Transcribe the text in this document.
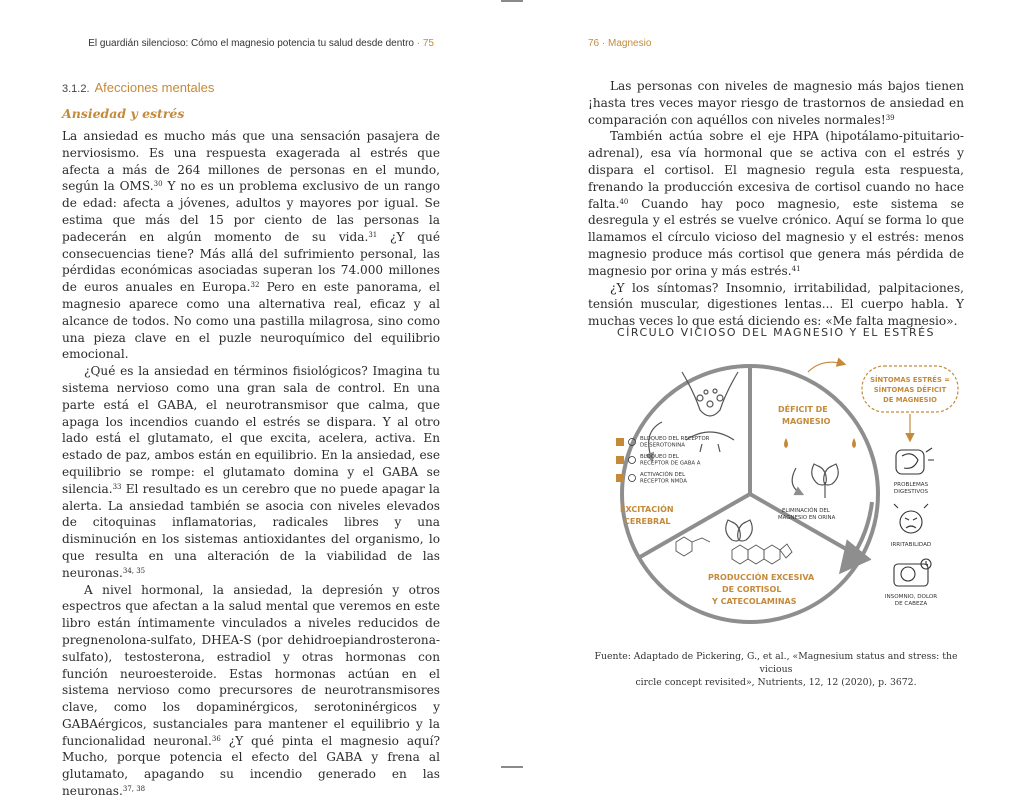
El guardián silencioso: Cómo el magnesio potencia tu salud desde dentro · 75
3.1.2. Afecciones mentales
Ansiedad y estrés

La ansiedad es mucho más que una sensación pasajera de nerviosismo. Es una respuesta exagerada al estrés que afecta a más de 264 millones de personas en el mundo, según la OMS.$^{30}$ Y no es un problema exclusivo de un rango de edad: afecta a jóvenes, adultos y mayores por igual. Se estima que más del 15 por ciento de las personas la padecerán en algún momento de su vida.$^{31}$ ¿Y qué consecuencias tiene? Más allá del sufrimiento personal, las pérdidas económicas asociadas superan los 74.000 millones de euros anuales en Europa.$^{32}$ Pero en este panorama, el magnesio aparece como una alternativa real, eficaz y al alcance de todos. No como una pastilla milagrosa, sino como una pieza clave en el puzle neuroquímico del equilibrio emocional.

¿Qué es la ansiedad en términos fisiológicos? Imagina tu sistema nervioso como una gran sala de control. En una parte está el GABA, el neurotransmisor que calma, que apaga los incendios cuando el estrés se dispara. Y al otro lado está el glutamato, el que excita, acelera, activa. En estado de paz, ambos están en equilibrio. En la ansiedad, ese equilibrio se rompe: el glutamato domina y el GABA se silencia.$^{33}$ El resultado es un cerebro que no puede apagar la alerta. La ansiedad también se asocia con niveles elevados de citoquinas inflamatorias, radicales libres y una disminución en los sistemas antioxidantes del organismo, lo que resulta en una alteración de la viabilidad de las neuronas.$^{34, 35}$

A nivel hormonal, la ansiedad, la depresión y otros espectros que afectan a la salud mental que veremos en este libro están íntimamente vinculados a niveles reducidos de pregnenolona-sulfato, DHEA-S (por dehidroepiandrosterona-sulfato), testosterona, estradiol y otras hormonas con función neuroesteroide. Estas hormonas actúan en el sistema nervioso como precursores de neurotransmisores clave, como los dopaminérgicos, serotoninérgicos y GABAérgicos, sustanciales para mantener el equilibrio y la funcionalidad neuronal.$^{36}$ ¿Y qué pinta el magnesio aquí? Mucho, porque potencia el efecto del GABA y frena al glutamato, apagando su incendio generado en las neuronas.$^{37, 38}$

76 · Magnesio

Las personas con niveles de magnesio más bajos tienen ¡hasta tres veces mayor riesgo de trastornos de ansiedad en comparación con aquéllos con niveles normales!$^{39}$

También actúa sobre el eje HPA (hipotálamo-pituitario-adrenal), esa vía hormonal que se activa con el estrés y dispara el cortisol. El magnesio regula esta respuesta, frenando la producción excesiva de cortisol cuando no hace falta.$^{40}$ Cuando hay poco magnesio, este sistema se desregula y el estrés se vuelve crónico. Aquí se forma lo que llamamos el círculo vicioso del magnesio y el estrés: menos magnesio produce más cortisol que genera más pérdida de magnesio por orina y más estrés.$^{41}$

¿Y los síntomas? Insomnio, irritabilidad, palpitaciones, tensión muscular, digestiones lentas... El cuerpo habla. Y muchas veces lo que está diciendo es: «Me falta magnesio».

CÍRCULO VICIOSO DEL MAGNESIO Y EL ESTRÉS
BLOQUEO DEL RECEPTOR
DE SEROTONINA
BLOQUEO DEL
RECEPTOR DE GABA A
ACTIVACIÓN DEL
RECEPTOR NMDA
DÉFICIT DE
MAGNESIO
EXCITACIÓN
CEREBRAL
PRODUCCIÓN EXCESIVA
DE CORTISOL
Y CATECOLAMINAS
ELIMINACIÓN DEL
MAGNESIO EN ORINA
SÍNTOMAS ESTRÉS =
SÍNTOMAS DÉFICIT
DE MAGNESIO
PROBLEMAS
DIGESTIVOS
IRRITABILIDAD
INSOMNIO, DOLOR
DE CABEZA
Fuente: Adaptado de Pickering, G., et al., «Magnesium status and stress: the vicious
circle concept revisited», Nutrients, 12, 12 (2020), p. 3672.
